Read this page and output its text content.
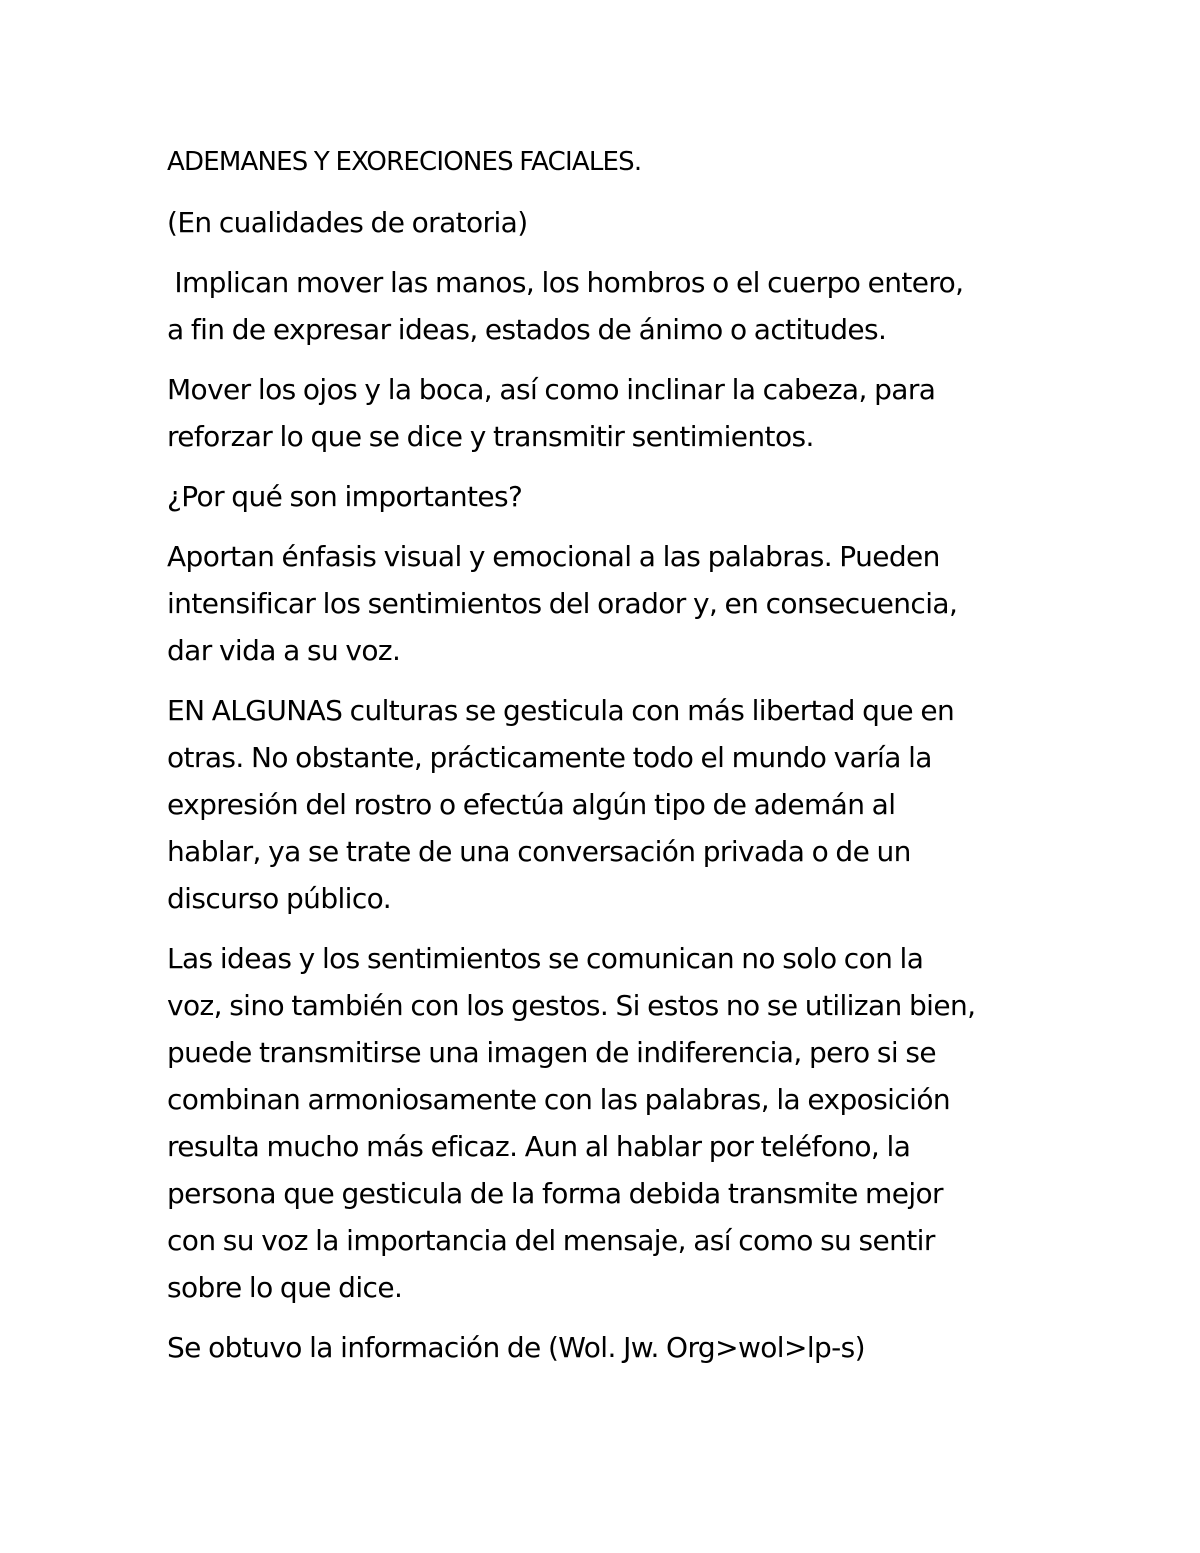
ADEMANES Y EXORECIONES FACIALES.

(En cualidades de oratoria)

Implican mover las manos, los hombros o el cuerpo entero,
a fin de expresar ideas, estados de ánimo o actitudes.

Mover los ojos y la boca, así como inclinar la cabeza, para
reforzar lo que se dice y transmitir sentimientos.

¿Por qué son importantes?

Aportan énfasis visual y emocional a las palabras. Pueden
intensificar los sentimientos del orador y, en consecuencia,
dar vida a su voz.

EN ALGUNAS culturas se gesticula con más libertad que en
otras. No obstante, prácticamente todo el mundo varía la
expresión del rostro o efectúa algún tipo de ademán al
hablar, ya se trate de una conversación privada o de un
discurso público.

Las ideas y los sentimientos se comunican no solo con la
voz, sino también con los gestos. Si estos no se utilizan bien,
puede transmitirse una imagen de indiferencia, pero si se
combinan armoniosamente con las palabras, la exposición
resulta mucho más eficaz. Aun al hablar por teléfono, la
persona que gesticula de la forma debida transmite mejor
con su voz la importancia del mensaje, así como su sentir
sobre lo que dice.

Se obtuvo la información de (Wol. Jw. Org>wol>lp-s)
